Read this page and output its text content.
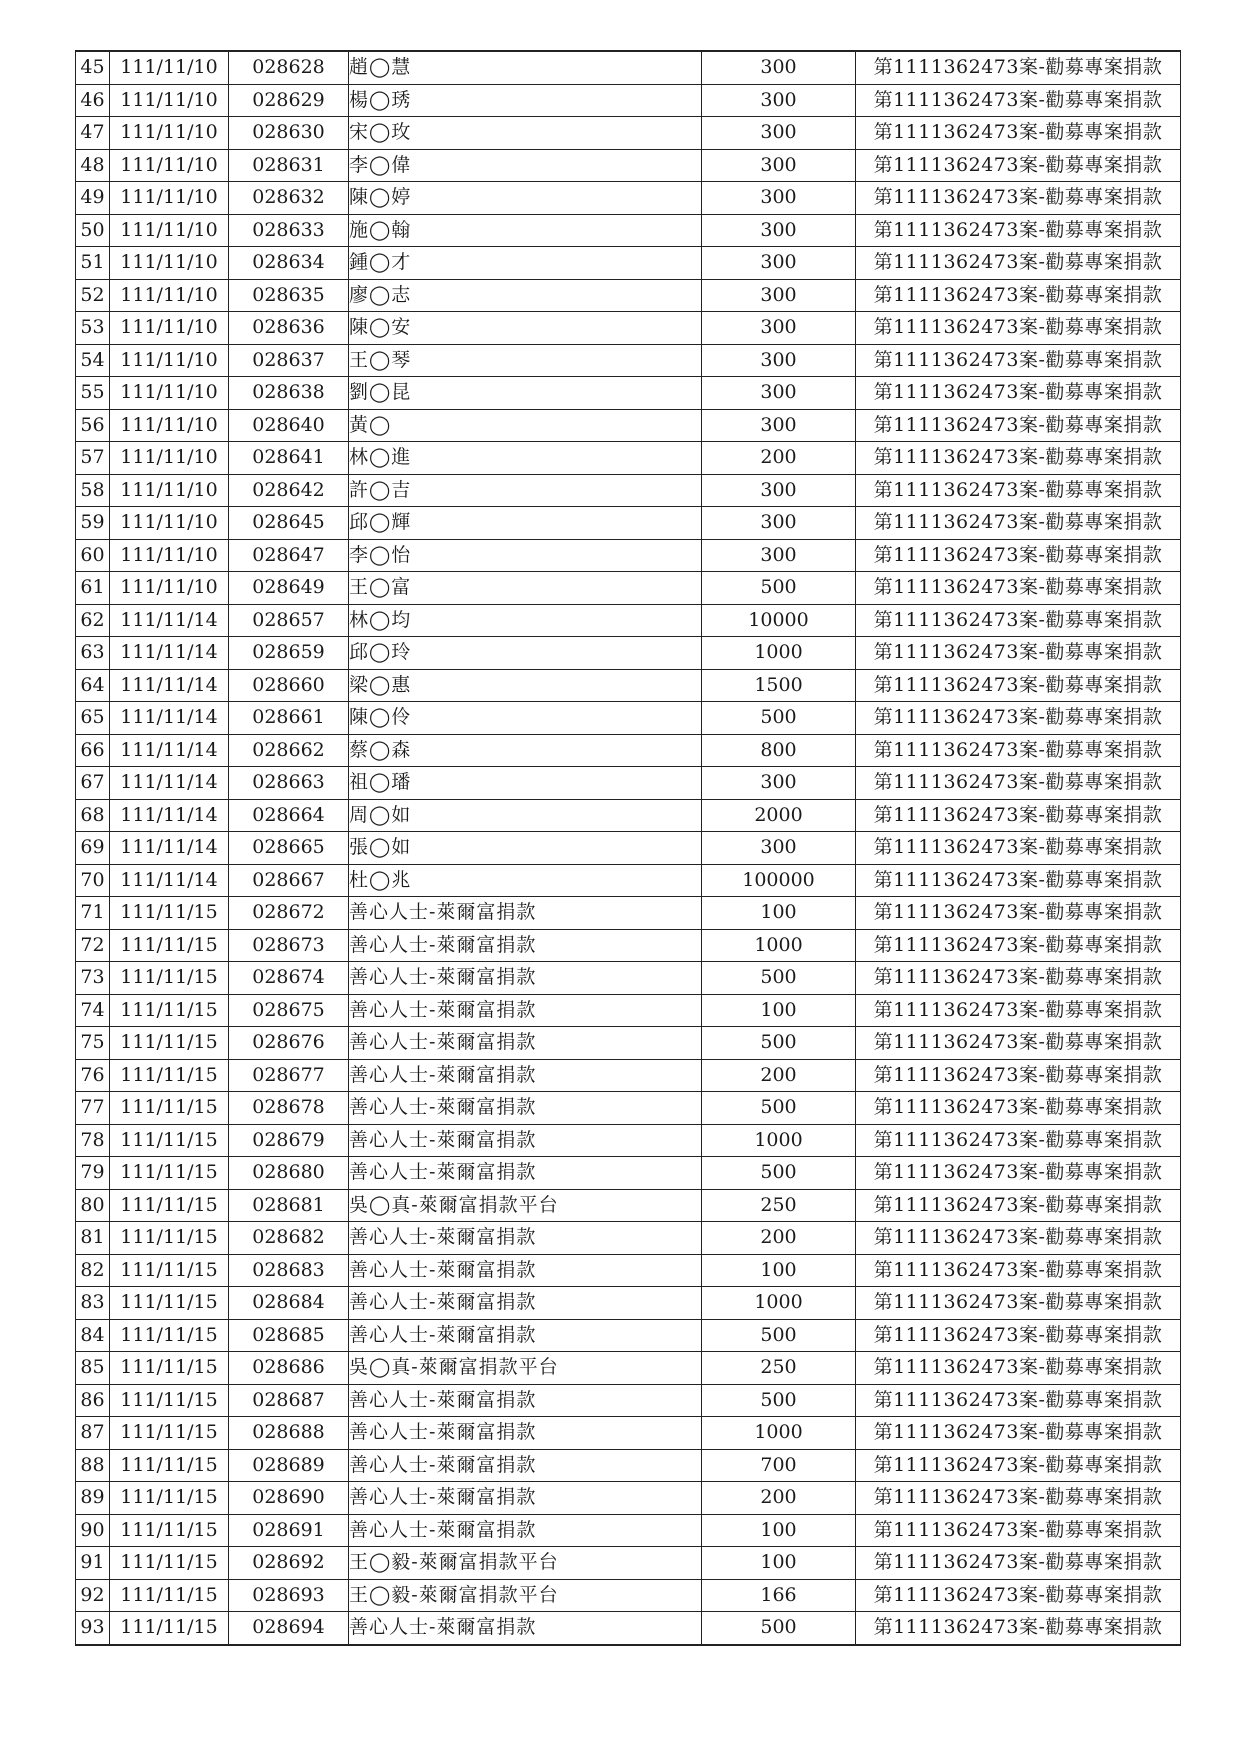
45	111/11/10	028628	趙◯慧	300	第1111362473案-勸募專案捐款
46	111/11/10	028629	楊◯琇	300	第1111362473案-勸募專案捐款
47	111/11/10	028630	宋◯玫	300	第1111362473案-勸募專案捐款
48	111/11/10	028631	李◯偉	300	第1111362473案-勸募專案捐款
49	111/11/10	028632	陳◯婷	300	第1111362473案-勸募專案捐款
50	111/11/10	028633	施◯翰	300	第1111362473案-勸募專案捐款
51	111/11/10	028634	鍾◯才	300	第1111362473案-勸募專案捐款
52	111/11/10	028635	廖◯志	300	第1111362473案-勸募專案捐款
53	111/11/10	028636	陳◯安	300	第1111362473案-勸募專案捐款
54	111/11/10	028637	王◯琴	300	第1111362473案-勸募專案捐款
55	111/11/10	028638	劉◯昆	300	第1111362473案-勸募專案捐款
56	111/11/10	028640	黃◯	300	第1111362473案-勸募專案捐款
57	111/11/10	028641	林◯進	200	第1111362473案-勸募專案捐款
58	111/11/10	028642	許◯吉	300	第1111362473案-勸募專案捐款
59	111/11/10	028645	邱◯輝	300	第1111362473案-勸募專案捐款
60	111/11/10	028647	李◯怡	300	第1111362473案-勸募專案捐款
61	111/11/10	028649	王◯富	500	第1111362473案-勸募專案捐款
62	111/11/14	028657	林◯均	10000	第1111362473案-勸募專案捐款
63	111/11/14	028659	邱◯玲	1000	第1111362473案-勸募專案捐款
64	111/11/14	028660	梁◯惠	1500	第1111362473案-勸募專案捐款
65	111/11/14	028661	陳◯伶	500	第1111362473案-勸募專案捐款
66	111/11/14	028662	蔡◯森	800	第1111362473案-勸募專案捐款
67	111/11/14	028663	祖◯璠	300	第1111362473案-勸募專案捐款
68	111/11/14	028664	周◯如	2000	第1111362473案-勸募專案捐款
69	111/11/14	028665	張◯如	300	第1111362473案-勸募專案捐款
70	111/11/14	028667	杜◯兆	100000	第1111362473案-勸募專案捐款
71	111/11/15	028672	善心人士-萊爾富捐款	100	第1111362473案-勸募專案捐款
72	111/11/15	028673	善心人士-萊爾富捐款	1000	第1111362473案-勸募專案捐款
73	111/11/15	028674	善心人士-萊爾富捐款	500	第1111362473案-勸募專案捐款
74	111/11/15	028675	善心人士-萊爾富捐款	100	第1111362473案-勸募專案捐款
75	111/11/15	028676	善心人士-萊爾富捐款	500	第1111362473案-勸募專案捐款
76	111/11/15	028677	善心人士-萊爾富捐款	200	第1111362473案-勸募專案捐款
77	111/11/15	028678	善心人士-萊爾富捐款	500	第1111362473案-勸募專案捐款
78	111/11/15	028679	善心人士-萊爾富捐款	1000	第1111362473案-勸募專案捐款
79	111/11/15	028680	善心人士-萊爾富捐款	500	第1111362473案-勸募專案捐款
80	111/11/15	028681	吳◯真-萊爾富捐款平台	250	第1111362473案-勸募專案捐款
81	111/11/15	028682	善心人士-萊爾富捐款	200	第1111362473案-勸募專案捐款
82	111/11/15	028683	善心人士-萊爾富捐款	100	第1111362473案-勸募專案捐款
83	111/11/15	028684	善心人士-萊爾富捐款	1000	第1111362473案-勸募專案捐款
84	111/11/15	028685	善心人士-萊爾富捐款	500	第1111362473案-勸募專案捐款
85	111/11/15	028686	吳◯真-萊爾富捐款平台	250	第1111362473案-勸募專案捐款
86	111/11/15	028687	善心人士-萊爾富捐款	500	第1111362473案-勸募專案捐款
87	111/11/15	028688	善心人士-萊爾富捐款	1000	第1111362473案-勸募專案捐款
88	111/11/15	028689	善心人士-萊爾富捐款	700	第1111362473案-勸募專案捐款
89	111/11/15	028690	善心人士-萊爾富捐款	200	第1111362473案-勸募專案捐款
90	111/11/15	028691	善心人士-萊爾富捐款	100	第1111362473案-勸募專案捐款
91	111/11/15	028692	王◯毅-萊爾富捐款平台	100	第1111362473案-勸募專案捐款
92	111/11/15	028693	王◯毅-萊爾富捐款平台	166	第1111362473案-勸募專案捐款
93	111/11/15	028694	善心人士-萊爾富捐款	500	第1111362473案-勸募專案捐款
